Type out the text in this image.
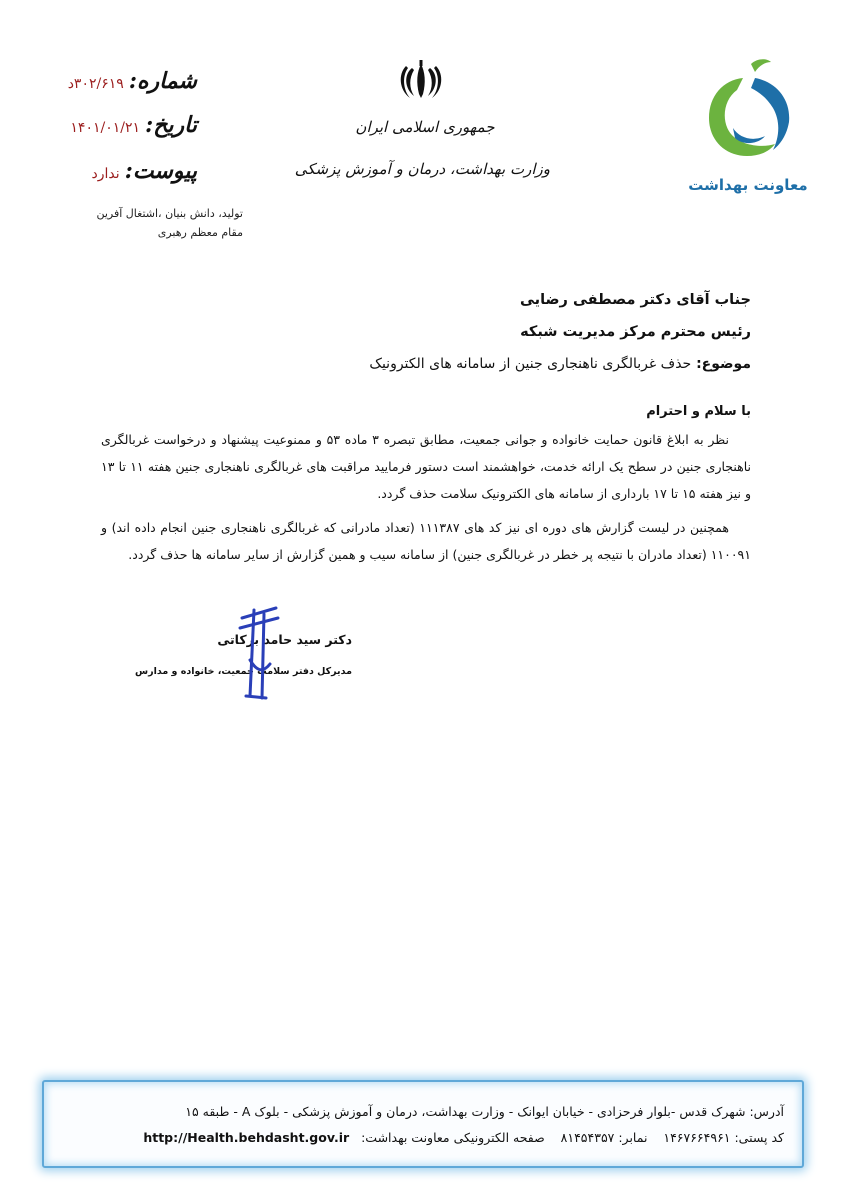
شماره: ۳۰۲/۶۱۹د
تاریخ: ۱۴۰۱/۰۱/۲۱
پیوست: ندارد
تولید، دانش بنیان ،اشتغال آفرین
مقام معظم رهبری
جمهوری اسلامی ایران
وزارت بهداشت، درمان و آموزش پزشکی
معاونت بهداشت
جناب آقای دکتر مصطفی رضایی
رئیس محترم مرکز مدیریت شبکه
موضوع: حذف غربالگری ناهنجاری جنین از سامانه های الکترونیک
با سلام و احترام
نظر به ابلاغ قانون حمایت خانواده و جوانی جمعیت، مطابق تبصره ۳ ماده ۵۳ و ممنوعیت پیشنهاد و درخواست غربالگری ناهنجاری جنین در سطح یک ارائه خدمت، خواهشمند است دستور فرمایید مراقبت های غربالگری ناهنجاری جنین هفته ۱۱ تا ۱۳ و نیز هفته ۱۵ تا ۱۷ بارداری از سامانه های الکترونیک سلامت حذف گردد.
همچنین در لیست گزارش های دوره ای نیز کد های ۱۱۱۳۸۷ (تعداد مادرانی که غربالگری ناهنجاری جنین انجام داده اند) و ۱۱۰۰۹۱ (تعداد مادران با نتیجه پر خطر در غربالگری جنین) از سامانه سیب و همین گزارش از سایر سامانه ها حذف گردد.
دکتر سید حامد برکاتی
مدیرکل دفتر سلامت جمعیت، خانواده و مدارس
آدرس: شهرک قدس -بلوار فرحزادی - خیابان ایوانک - وزارت بهداشت، درمان و آموزش پزشکی - بلوک A - طبقه ۱۵
کد پستی: ۱۴۶۷۶۶۴۹۶۱    نمابر: ۸۱۴۵۴۳۵۷    صفحه الکترونیکی معاونت بهداشت:   http://Health.behdasht.gov.ir
